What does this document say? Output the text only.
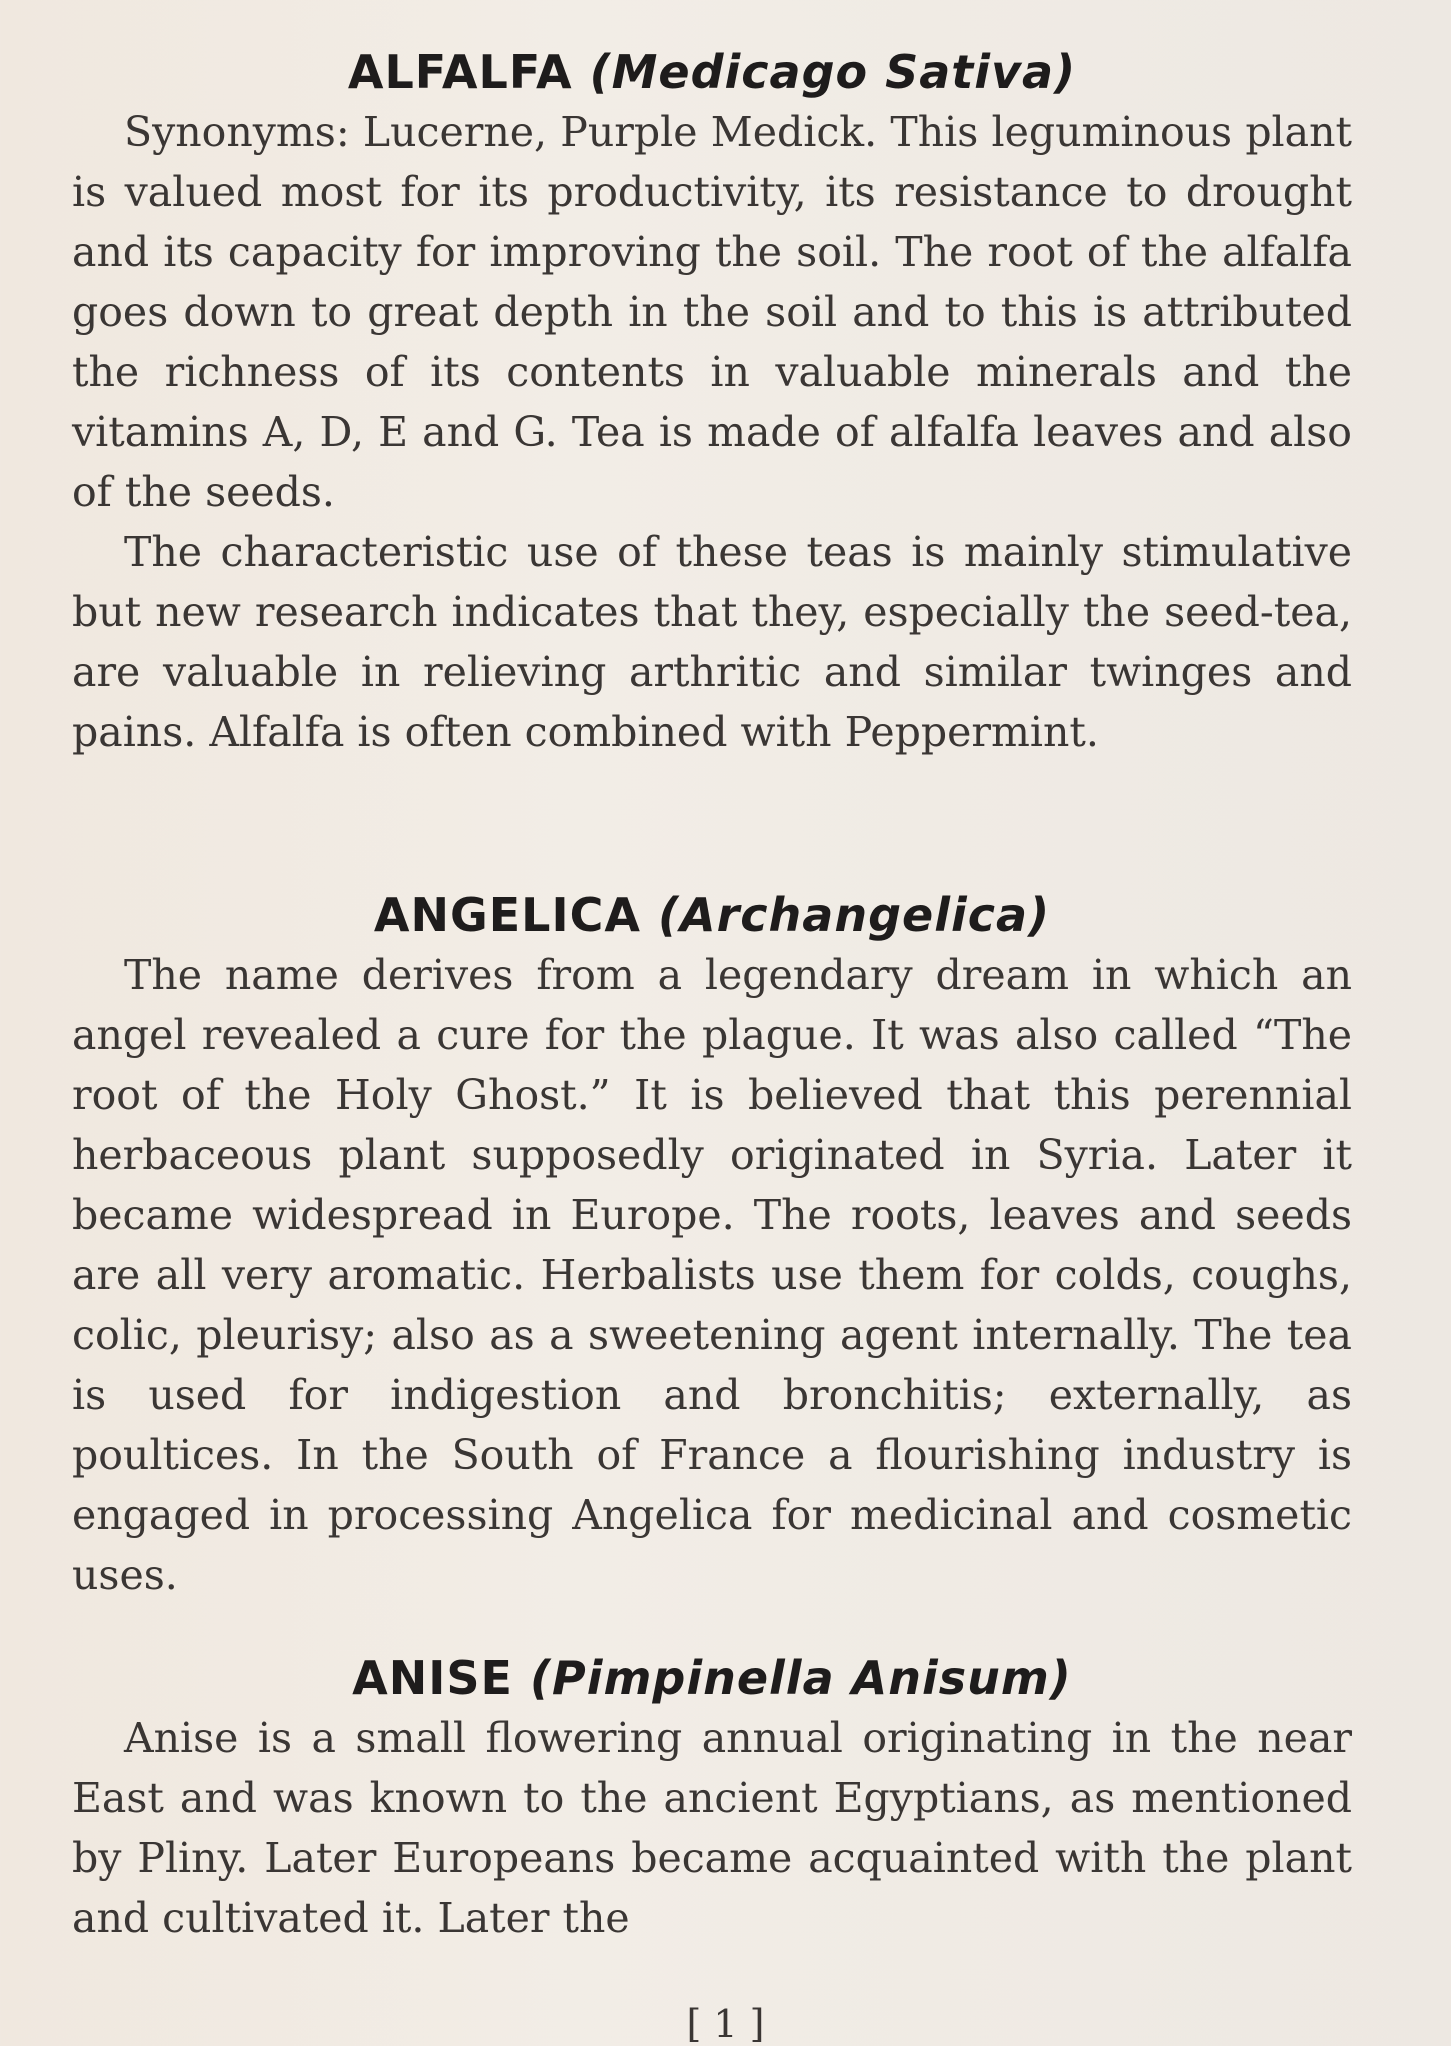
ALFALFA (Medicago Sativa)

Synonyms: Lucerne, Purple Medick. This leguminous plant is valued most for its productivity, its resistance to drought and its capacity for improving the soil. The root of the alfalfa goes down to great depth in the soil and to this is attributed the richness of its contents in valuable minerals and the vitamins A, D, E and G. Tea is made of alfalfa leaves and also of the seeds.

The characteristic use of these teas is mainly stimulative but new research indicates that they, especially the seed-tea, are valuable in relieving arthritic and similar twinges and pains. Alfalfa is often combined with Peppermint.

ANGELICA (Archangelica)

The name derives from a legendary dream in which an angel revealed a cure for the plague. It was also called “The root of the Holy Ghost.” It is believed that this perennial herbaceous plant supposedly originated in Syria. Later it became widespread in Europe. The roots, leaves and seeds are all very aromatic. Herbalists use them for colds, coughs, colic, pleurisy; also as a sweetening agent internally. The tea is used for indigestion and bronchitis; externally, as poultices. In the South of France a flourishing industry is engaged in processing Angelica for medicinal and cosmetic uses.

ANISE (Pimpinella Anisum)

Anise is a small flowering annual originating in the near East and was known to the ancient Egyptians, as mentioned by Pliny. Later Europeans became acquainted with the plant and cultivated it. Later the

[ 1 ]
